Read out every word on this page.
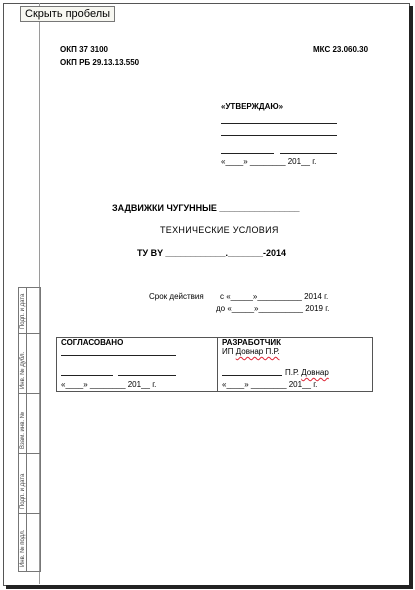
Подп. и дата
Инв. № дубл.
Взам. инв. №
Подп. и дата
Инв. № подл.
Скрыть пробелы
ОКП 37 3100
ОКП РБ 29.13.13.550
МКС 23.060.30
«УТВЕРЖДАЮ»
«____» ________ 201__ г.
ЗАДВИЖКИ ЧУГУННЫЕ ________________
ТЕХНИЧЕСКИЕ УСЛОВИЯ
ТУ BY ____________._______-2014
Срок действия с «_____»__________ 2014 г.
до «_____»__________ 2019 г.
СОГЛАСОВАНО
«____» ________ 201__ г.
РАЗРАБОТЧИК
ИП Довнар П.Р.
П.Р. Довнар
«____» ________ 201__ г.
